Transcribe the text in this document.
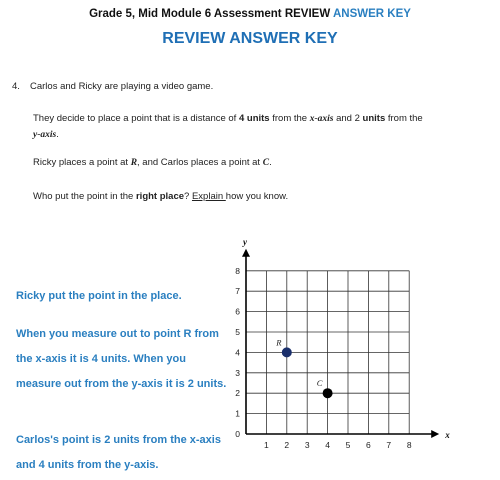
Grade 5, Mid Module 6 Assessment REVIEW ANSWER KEY
REVIEW ANSWER KEY
4. Carlos and Ricky are playing a video game.
They decide to place a point that is a distance of 4 units from the x-axis and 2 units from the
y-axis.
Ricky places a point at R, and Carlos places a point at C.
Who put the point in the right place? Explain how you know.
Ricky put the point in the place.
When you measure out to point R from the x-axis it is 4 units. When you measure out from the y-axis it is 2 units.
Carlos's point is 2 units from the x-axis and 4 units from the y-axis.
x
y
1 2 3 4 5 6 7 8
0
1
2
3
4
5
6
7
8
R
C
